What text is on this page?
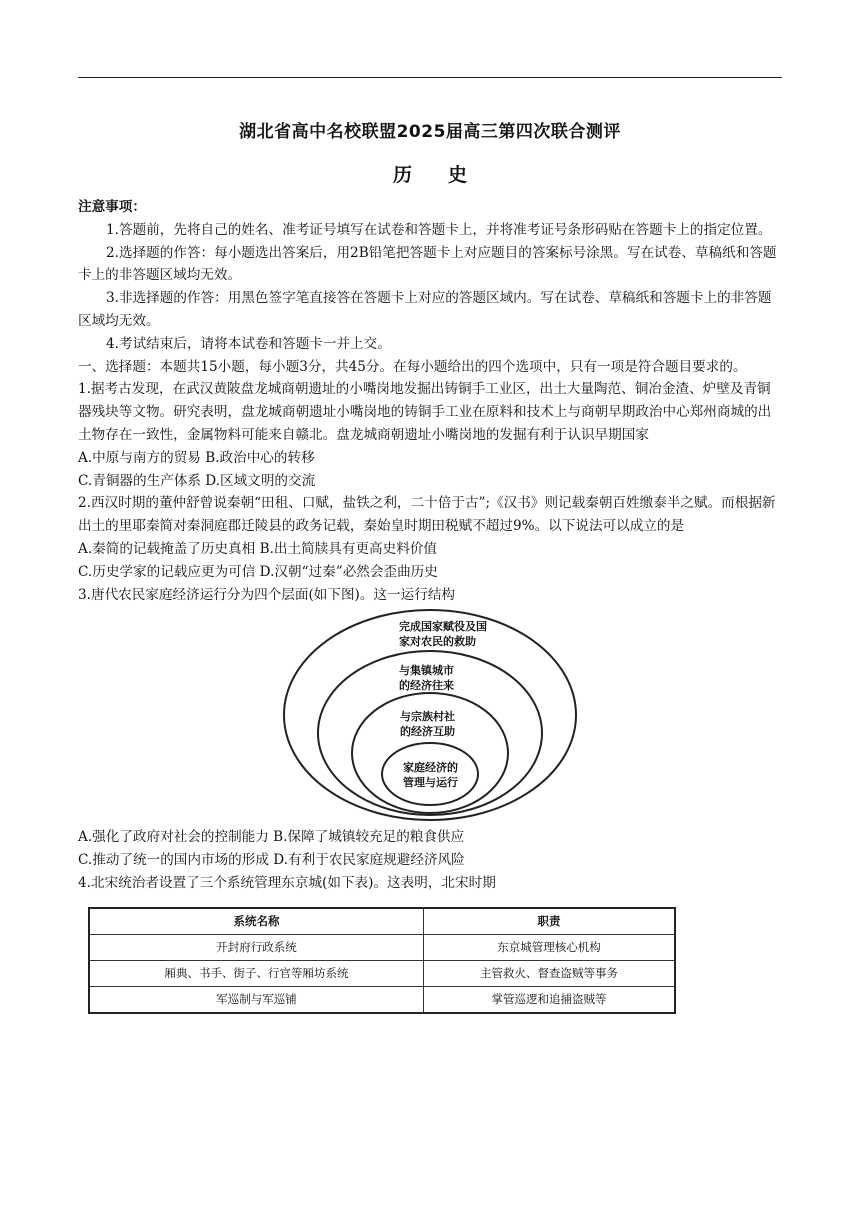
湖北省高中名校联盟2025届高三第四次联合测评
历 史

注意事项：

1.答题前，先将自己的姓名、准考证号填写在试卷和答题卡上，并将准考证号条形码贴在答题卡上的指定位置。

2.选择题的作答：每小题选出答案后，用2B铅笔把答题卡上对应题目的答案标号涂黑。写在试卷、草稿纸和答题卡上的非答题区域均无效。

3.非选择题的作答：用黑色签字笔直接答在答题卡上对应的答题区域内。写在试卷、草稿纸和答题卡上的非答题区域均无效。

4.考试结束后，请将本试卷和答题卡一并上交。

一、选择题：本题共15小题，每小题3分，共45分。在每小题给出的四个选项中，只有一项是符合题目要求的。

1.据考古发现，在武汉黄陂盘龙城商朝遗址的小嘴岗地发掘出铸铜手工业区，出土大量陶范、铜冶金渣、炉壁及青铜器残块等文物。研究表明，盘龙城商朝遗址小嘴岗地的铸铜手工业在原料和技术上与商朝早期政治中心郑州商城的出土物存在一致性，金属物料可能来自赣北。盘龙城商朝遗址小嘴岗地的发掘有利于认识早期国家

A.中原与南方的贸易 B.政治中心的转移

C.青铜器的生产体系 D.区域文明的交流

2.西汉时期的董仲舒曾说秦朝“田租、口赋，盐铁之利，二十倍于古”;《汉书》则记载秦朝百姓缴泰半之赋。而根据新出土的里耶秦简对秦洞庭郡迁陵县的政务记载，秦始皇时期田税赋不超过9%。以下说法可以成立的是

A.秦简的记载掩盖了历史真相 B.出土简牍具有更高史料价值

C.历史学家的记载应更为可信 D.汉朝“过秦”必然会歪曲历史

3.唐代农民家庭经济运行分为四个层面(如下图)。这一运行结构

完成国家赋役及国
家对农民的救助
与集镇城市
的经济往来
与宗族村社
的经济互助
家庭经济的
管理与运行

A.强化了政府对社会的控制能力 B.保障了城镇较充足的粮食供应

C.推动了统一的国内市场的形成 D.有利于农民家庭规避经济风险

4.北宋统治者设置了三个系统管理东京城(如下表)。这表明，北宋时期

系统名称	职责
开封府行政系统	东京城管理核心机构
厢典、书手、街子、行官等厢坊系统	主管救火、督查盗贼等事务
军巡制与军巡铺	掌管巡逻和追捕盗贼等
